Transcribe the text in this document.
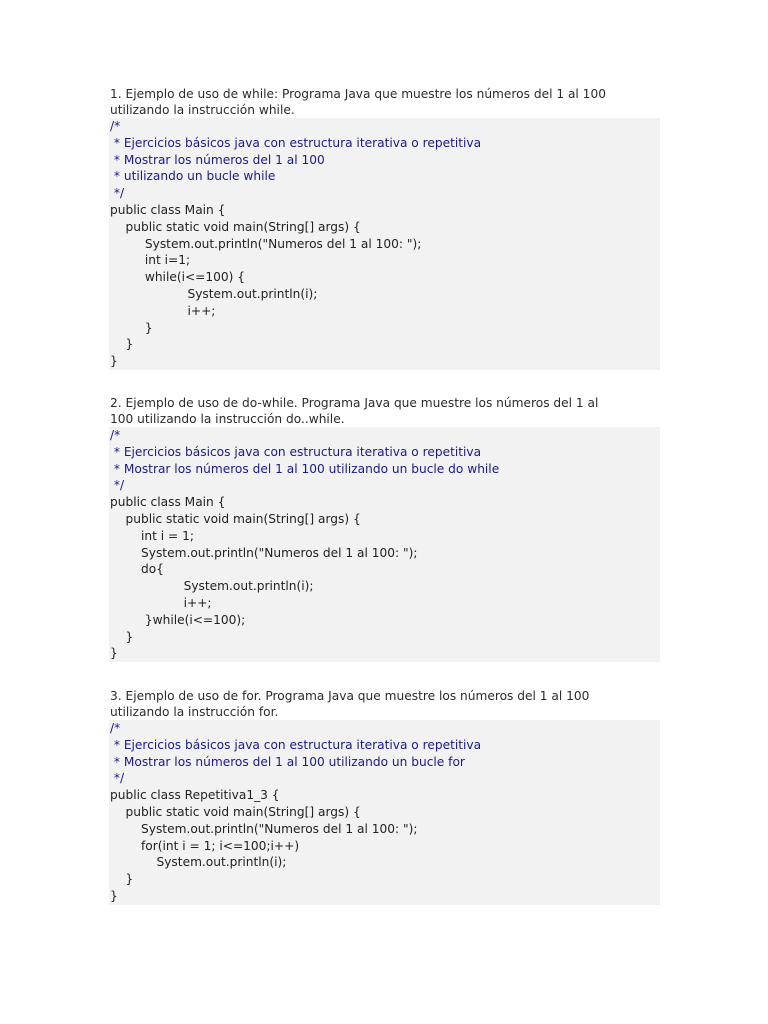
1. Ejemplo de uso de while: Programa Java que muestre los números del 1 al 100
utilizando la instrucción while.
/*
* Ejercicios básicos java con estructura iterativa o repetitiva
* Mostrar los números del 1 al 100
* utilizando un bucle while
*/
public class Main {
public static void main(String[] args) {
System.out.println("Numeros del 1 al 100: ");
int i=1;
while(i<=100) {
System.out.println(i);
i++;
}
}
}
2. Ejemplo de uso de do-while. Programa Java que muestre los números del 1 al
100 utilizando la instrucción do..while.
/*
* Ejercicios básicos java con estructura iterativa o repetitiva
* Mostrar los números del 1 al 100 utilizando un bucle do while
*/
public class Main {
public static void main(String[] args) {
int i = 1;
System.out.println("Numeros del 1 al 100: ");
do{
System.out.println(i);
i++;
}while(i<=100);
}
}
3. Ejemplo de uso de for. Programa Java que muestre los números del 1 al 100
utilizando la instrucción for.
/*
* Ejercicios básicos java con estructura iterativa o repetitiva
* Mostrar los números del 1 al 100 utilizando un bucle for
*/
public class Repetitiva1_3 {
public static void main(String[] args) {
System.out.println("Numeros del 1 al 100: ");
for(int i = 1; i<=100;i++)
System.out.println(i);
}
}
